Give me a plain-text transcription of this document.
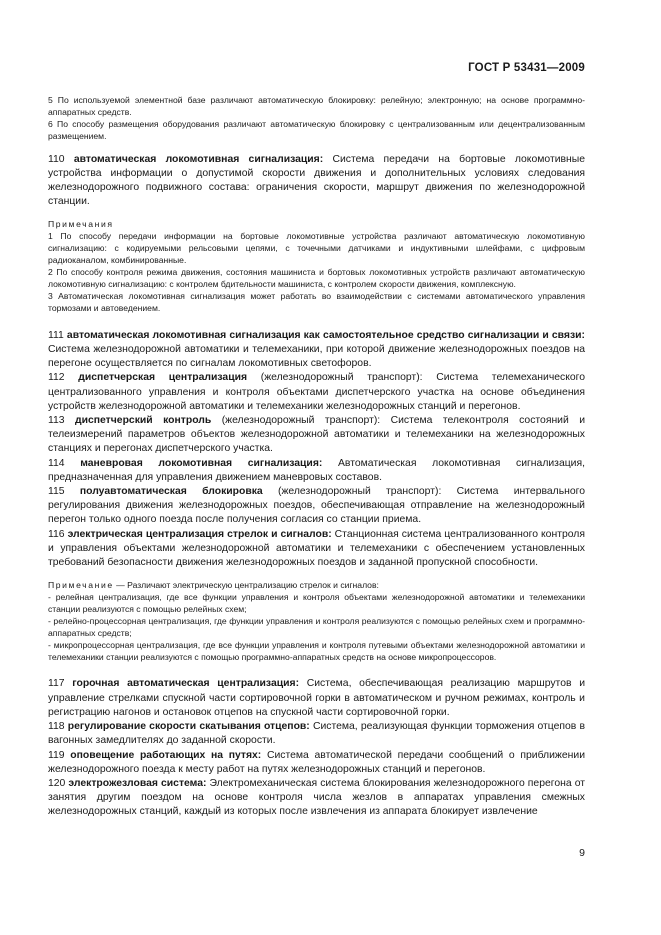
ГОСТ Р 53431—2009

5 По используемой элементной базе различают автоматическую блокировку: релейную; электронную; на основе программно-аппаратных средств.

6 По способу размещения оборудования различают автоматическую блокировку с централизованным или децентрализованным размещением.

110 автоматическая локомотивная сигнализация: Система передачи на бортовые локомотивные устройства информации о допустимой скорости движения и дополнительных условиях следования железнодорожного подвижного состава: ограничения скорости, маршрут движения по железнодорожной станции.

Примечания

1 По способу передачи информации на бортовые локомотивные устройства различают автоматическую локомотивную сигнализацию: с кодируемыми рельсовыми цепями, с точечными датчиками и индуктивными шлейфами, с цифровым радиоканалом, комбинированные.

2 По способу контроля режима движения, состояния машиниста и бортовых локомотивных устройств различают автоматическую локомотивную сигнализацию: с контролем бдительности машиниста, с контролем скорости движения, комплексную.

3 Автоматическая локомотивная сигнализация может работать во взаимодействии с системами автоматического управления тормозами и автоведением.

111 автоматическая локомотивная сигнализация как самостоятельное средство сигнализации и связи: Система железнодорожной автоматики и телемеханики, при которой движение железнодорожных поездов на перегоне осуществляется по сигналам локомотивных светофоров.

112 диспетчерская централизация (железнодорожный транспорт): Система телемеханического централизованного управления и контроля объектами диспетчерского участка на основе объединения устройств железнодорожной автоматики и телемеханики железнодорожных станций и перегонов.

113 диспетчерский контроль (железнодорожный транспорт): Система телеконтроля состояний и телеизмерений параметров объектов железнодорожной автоматики и телемеханики на железнодорожных станциях и перегонах диспетчерского участка.

114 маневровая локомотивная сигнализация: Автоматическая локомотивная сигнализация, предназначенная для управления движением маневровых составов.

115 полуавтоматическая блокировка (железнодорожный транспорт): Система интервального регулирования движения железнодорожных поездов, обеспечивающая отправление на железнодорожный перегон только одного поезда после получения согласия со станции приема.

116 электрическая централизация стрелок и сигналов: Станционная система централизованного контроля и управления объектами железнодорожной автоматики и телемеханики с обеспечением установленных требований безопасности движения железнодорожных поездов и заданной пропускной способности.

Примечание — Различают электрическую централизацию стрелок и сигналов:

- релейная централизация, где все функции управления и контроля объектами железнодорожной автоматики и телемеханики станции реализуются с помощью релейных схем;

- релейно-процессорная централизация, где функции управления и контроля реализуются с помощью релейных схем и программно-аппаратных средств;

- микропроцессорная централизация, где все функции управления и контроля путевыми объектами железнодорожной автоматики и телемеханики станции реализуются с помощью программно-аппаратных средств на основе микропроцессоров.

117 горочная автоматическая централизация: Система, обеспечивающая реализацию маршрутов и управление стрелками спускной части сортировочной горки в автоматическом и ручном режимах, контроль и регистрацию нагонов и остановок отцепов на спускной части сортировочной горки.

118 регулирование скорости скатывания отцепов: Система, реализующая функции торможения отцепов в вагонных замедлителях до заданной скорости.

119 оповещение работающих на путях: Система автоматической передачи сообщений о приближении железнодорожного поезда к месту работ на путях железнодорожных станций и перегонов.

120 электрожезловая система: Электромеханическая система блокирования железнодорожного перегона от занятия другим поездом на основе контроля числа жезлов в аппаратах управления смежных железнодорожных станций, каждый из которых после извлечения из аппарата блокирует извлечение

9
